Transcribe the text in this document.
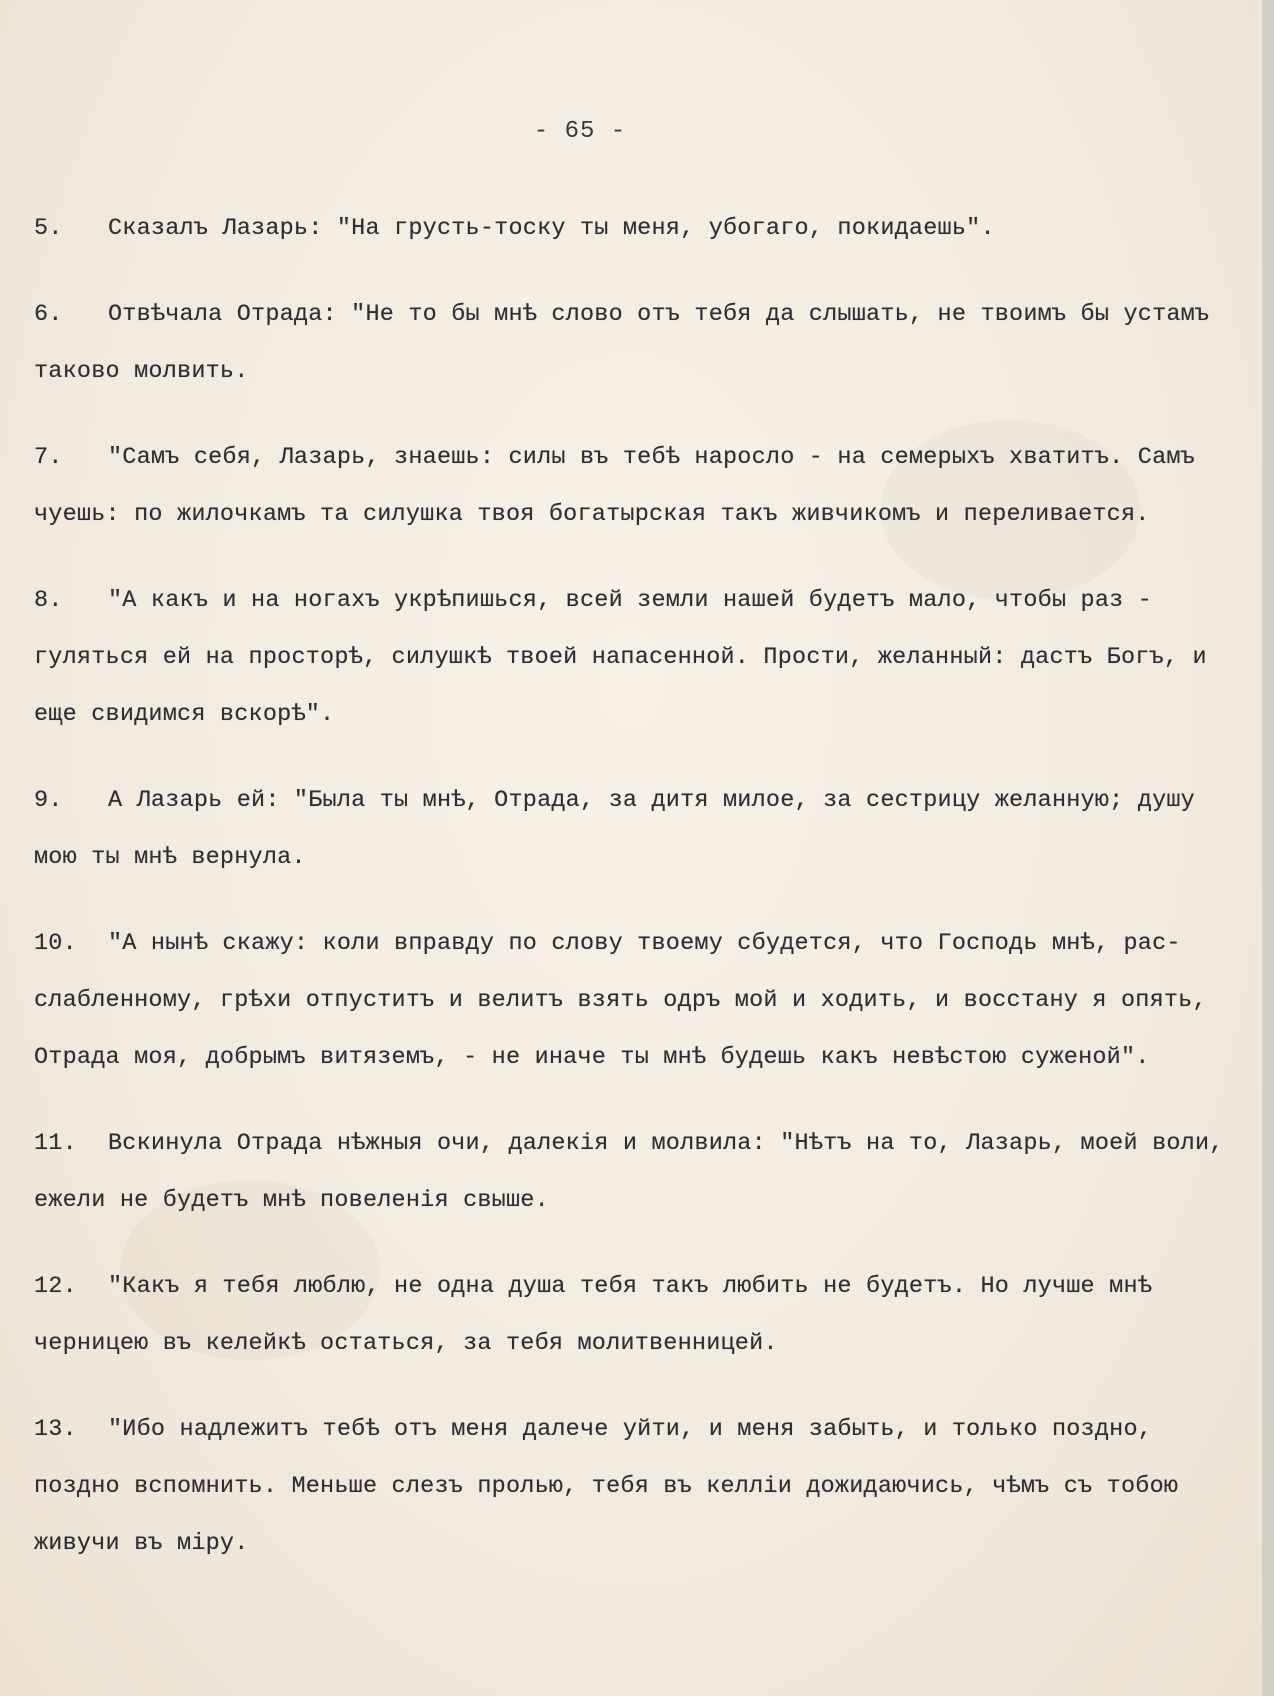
- 65 -

5. Сказалъ Лазарь: "На грусть-тоску ты меня, убогаго, покидаешь".

6. Отвѣчала Отрада: "Не то бы мнѣ слово отъ тебя да слышать, не твоимъ бы устамъ таково молвить.

7. "Самъ себя, Лазарь, знаешь: силы въ тебѣ наросло - на семерыхъ хватитъ. Самъ чуешь: по жилочкамъ та силушка твоя богатырская такъ живчикомъ и переливается.

8. "А какъ и на ногахъ укрѣпишься, всей земли нашей будетъ мало, чтобы раз - гуляться ей на просторѣ, силушкѣ твоей напасенной. Прости, желанный: дастъ Богъ, и еще свидимся вскорѣ".

9. А Лазарь ей: "Была ты мнѣ, Отрада, за дитя милое, за сестрицу желанную; душу мою ты мнѣ вернула.

10. "А нынѣ скажу: коли вправду по слову твоему сбудется, что Господь мнѣ, рас- слабленному, грѣхи отпуститъ и велитъ взять одръ мой и ходить, и восстану я опять, Отрада моя, добрымъ витяземъ, - не иначе ты мнѣ будешь какъ невѣстою суженой".

11. Вскинула Отрада нѣжныя очи, далекія и молвила: "Нѣтъ на то, Лазарь, моей воли, ежели не будетъ мнѣ повеленія свыше.

12. "Какъ я тебя люблю, не одна душа тебя такъ любить не будетъ. Но лучше мнѣ черницею въ келейкѣ остаться, за тебя молитвенницей.

13. "Ибо надлежитъ тебѣ отъ меня далече уйти, и меня забыть, и только поздно, поздно вспомнить. Меньше слезъ пролью, тебя въ келліи дожидаючись, чѣмъ съ тобою живучи въ мiру.
